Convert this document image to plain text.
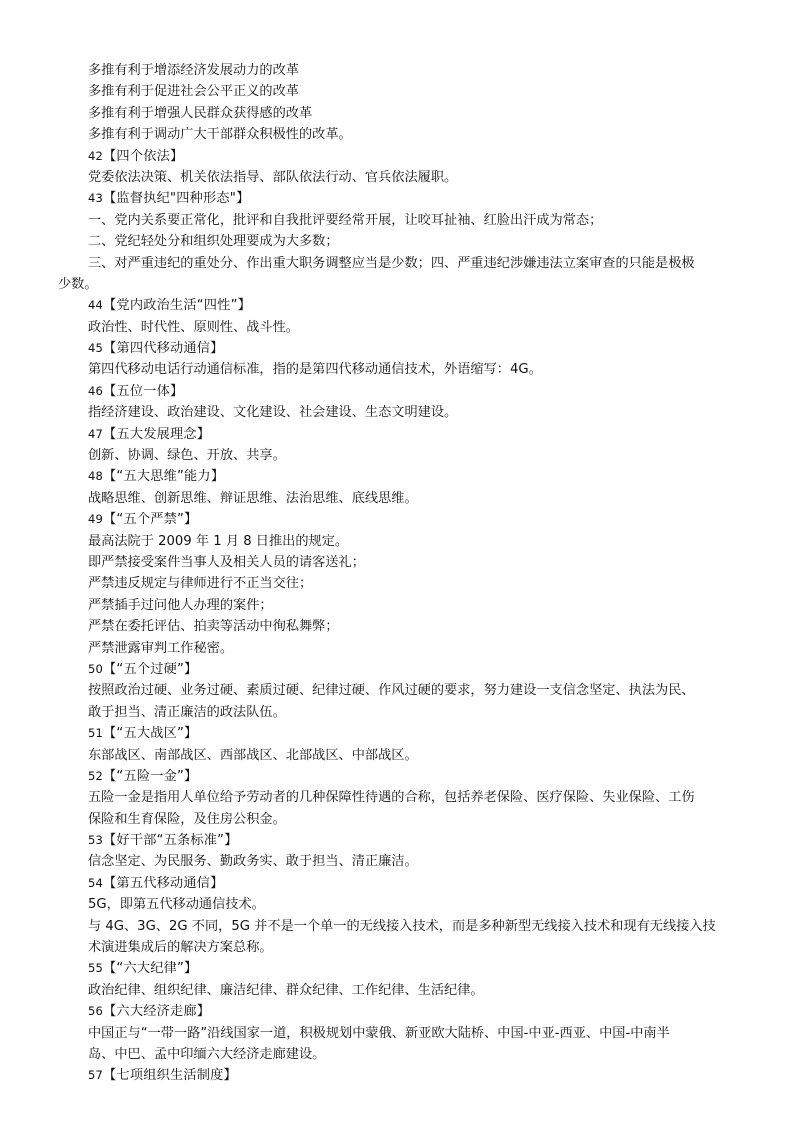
多推有利于增添经济发展动力的改革
多推有利于促进社会公平正义的改革
多推有利于增强人民群众获得感的改革
多推有利于调动广大干部群众积极性的改革。
42【四个依法】
党委依法决策、机关依法指导、部队依法行动、官兵依法履职。
43【监督执纪"四种形态"】
一、党内关系要正常化，批评和自我批评要经常开展，让咬耳扯袖、红脸出汗成为常态；
二、党纪轻处分和组织处理要成为大多数；
三、对严重违纪的重处分、作出重大职务调整应当是少数；四、严重违纪涉嫌违法立案审查的只能是极极
少数。
44【党内政治生活“四性”】
政治性、时代性、原则性、战斗性。
45【第四代移动通信】
第四代移动电话行动通信标准，指的是第四代移动通信技术，外语缩写：4G。
46【五位一体】
指经济建设、政治建设、文化建设、社会建设、生态文明建设。
47【五大发展理念】
创新、协调、绿色、开放、共享。
48【“五大思维”能力】
战略思维、创新思维、辩证思维、法治思维、底线思维。
49【“五个严禁”】
最高法院于 2009 年 1 月 8 日推出的规定。
即严禁接受案件当事人及相关人员的请客送礼；
严禁违反规定与律师进行不正当交往；
严禁插手过问他人办理的案件；
严禁在委托评估、拍卖等活动中徇私舞弊；
严禁泄露审判工作秘密。
50【“五个过硬”】
按照政治过硬、业务过硬、素质过硬、纪律过硬、作风过硬的要求，努力建设一支信念坚定、执法为民、
敢于担当、清正廉洁的政法队伍。
51【“五大战区”】
东部战区、南部战区、西部战区、北部战区、中部战区。
52【“五险一金”】
五险一金是指用人单位给予劳动者的几种保障性待遇的合称，包括养老保险、医疗保险、失业保险、工伤
保险和生育保险，及住房公积金。
53【好干部“五条标准”】
信念坚定、为民服务、勤政务实、敢于担当、清正廉洁。
54【第五代移动通信】
5G，即第五代移动通信技术。
与 4G、3G、2G 不同，5G 并不是一个单一的无线接入技术，而是多种新型无线接入技术和现有无线接入技
术演进集成后的解决方案总称。
55【“六大纪律”】
政治纪律、组织纪律、廉洁纪律、群众纪律、工作纪律、生活纪律。
56【六大经济走廊】
中国正与“一带一路”沿线国家一道，积极规划中蒙俄、新亚欧大陆桥、中国-中亚-西亚、中国-中南半
岛、中巴、孟中印缅六大经济走廊建设。
57【七项组织生活制度】
